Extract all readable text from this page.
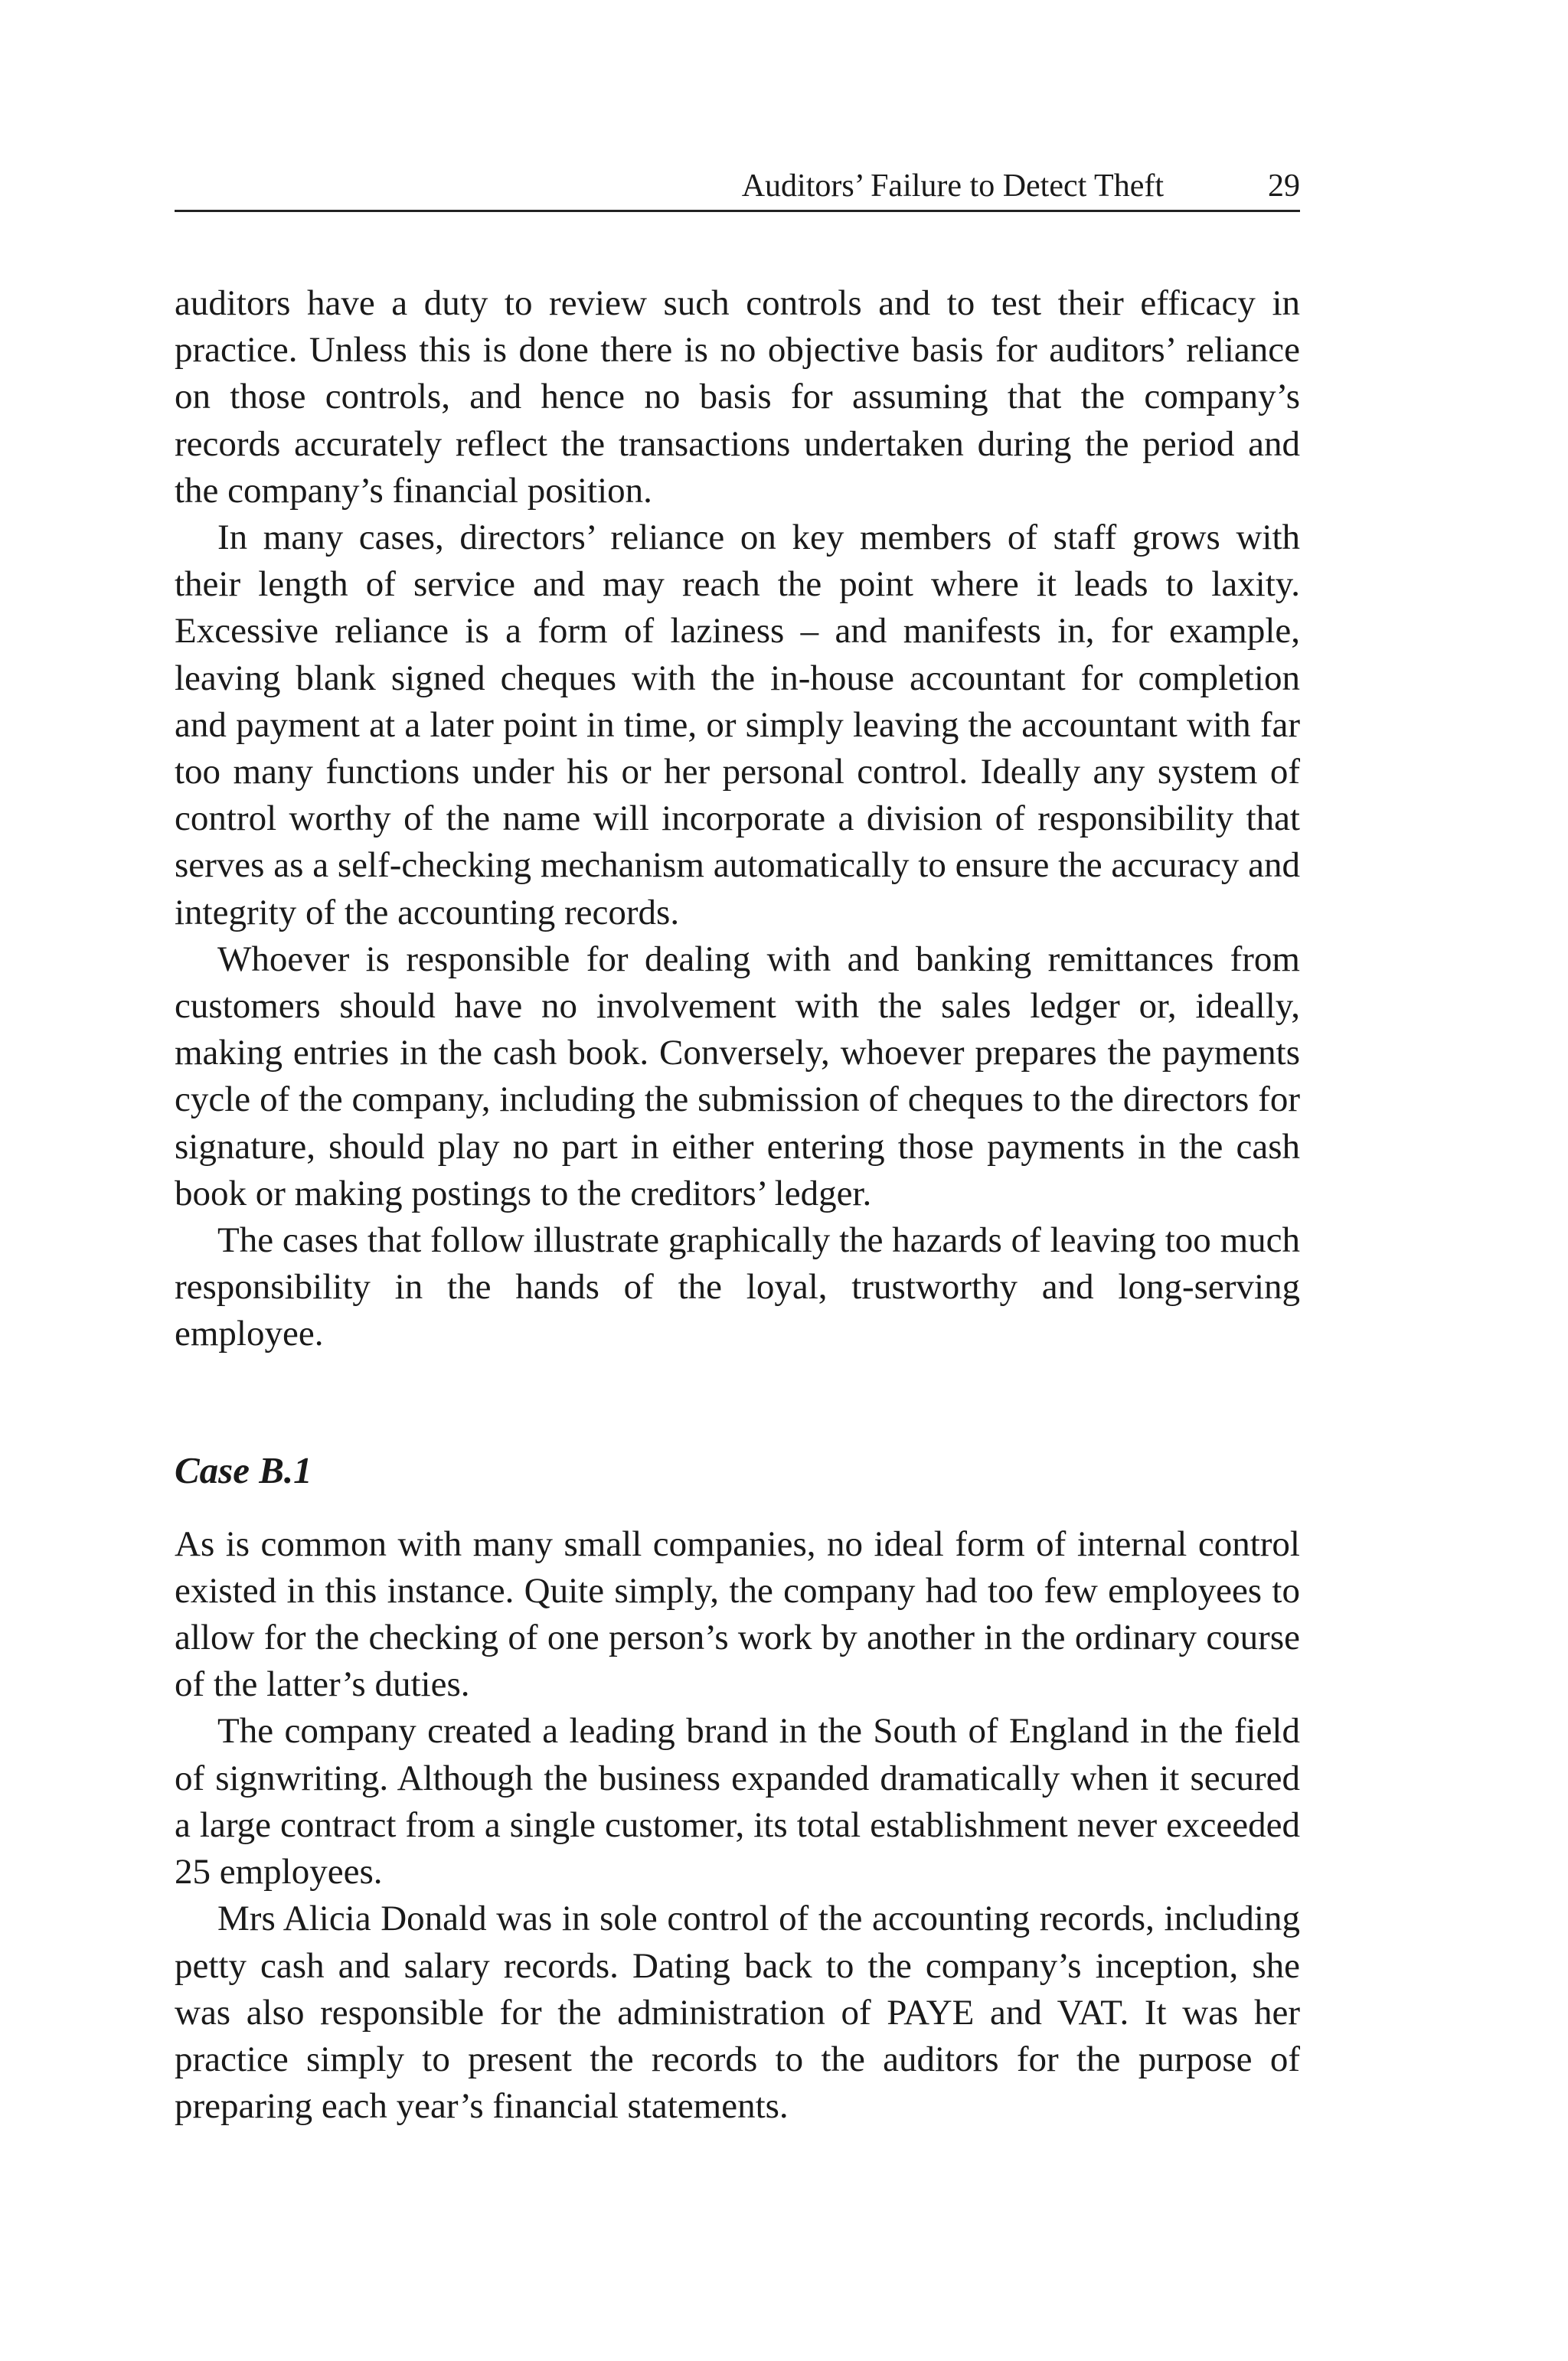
Auditors’ Failure to Detect Theft	29

auditors have a duty to review such controls and to test their efficacy in practice. Unless this is done there is no objective basis for auditors’ reliance on those controls, and hence no basis for assuming that the company’s records accurately reflect the transactions undertaken during the period and the company’s financial position.

In many cases, directors’ reliance on key members of staff grows with their length of service and may reach the point where it leads to laxity. Excessive reliance is a form of laziness – and manifests in, for example, leaving blank signed cheques with the in-house accountant for completion and payment at a later point in time, or simply leaving the accountant with far too many functions under his or her personal control. Ideally any system of control worthy of the name will incorporate a division of responsibility that serves as a self-checking mechanism automatically to ensure the accuracy and integrity of the accounting records.

Whoever is responsible for dealing with and banking remittances from customers should have no involvement with the sales ledger or, ideally, making entries in the cash book. Conversely, whoever prepares the payments cycle of the company, including the submission of cheques to the directors for signature, should play no part in either entering those payments in the cash book or making postings to the creditors’ ledger.

The cases that follow illustrate graphically the hazards of leaving too much responsibility in the hands of the loyal, trustworthy and long-serving employee.

Case B.1

As is common with many small companies, no ideal form of internal control existed in this instance. Quite simply, the company had too few employees to allow for the checking of one person’s work by another in the ordinary course of the latter’s duties.

The company created a leading brand in the South of England in the field of signwriting. Although the business expanded dramatically when it secured a large contract from a single customer, its total establishment never exceeded 25 employees.

Mrs Alicia Donald was in sole control of the accounting records, including petty cash and salary records. Dating back to the company’s inception, she was also responsible for the administration of PAYE and VAT. It was her practice simply to present the records to the auditors for the purpose of preparing each year’s financial statements.
